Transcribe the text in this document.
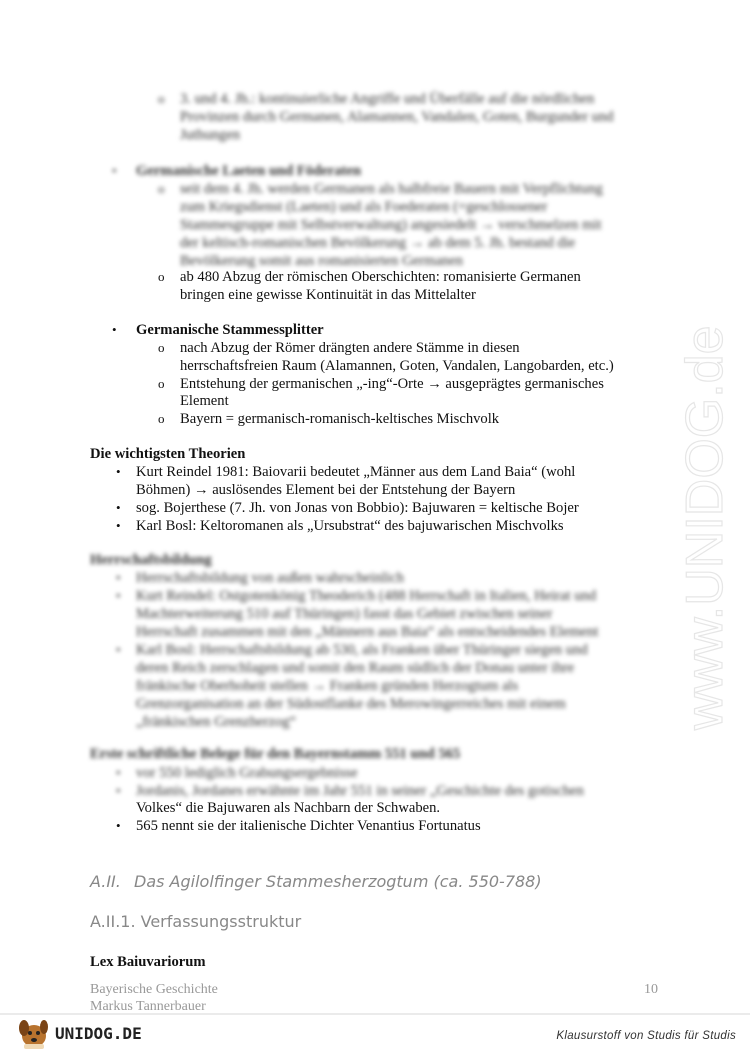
o 3. und 4. Jh.: kontinuierliche Angriffe und Überfälle auf die nördlichen
Provinzen durch Germanen, Alamannen, Vandalen, Goten, Burgunder und
Juthungen
• Germanische Laeten und Föderaten
o seit dem 4. Jh. werden Germanen als halbfreie Bauern mit Verpflichtung
zum Kriegsdienst (Laeten) und als Foederaten (=geschlossener
Stammesgruppe mit Selbstverwaltung) angesiedelt → verschmelzen mit
der keltisch-romanischen Bevölkerung → ab dem 5. Jh. bestand die
Bevölkerung somit aus romanisierten Germanen
o ab 480 Abzug der römischen Oberschichten: romanisierte Germanen
bringen eine gewisse Kontinuität in das Mittelalter
• Germanische Stammessplitter
o nach Abzug der Römer drängten andere Stämme in diesen
herrschaftsfreien Raum (Alamannen, Goten, Vandalen, Langobarden, etc.)
o Entstehung der germanischen „-ing“-Orte → ausgeprägtes germanisches
Element
o Bayern = germanisch-romanisch-keltisches Mischvolk
Die wichtigsten Theorien
• Kurt Reindel 1981: Baiovarii bedeutet „Männer aus dem Land Baia“ (wohl
Böhmen) → auslösendes Element bei der Entstehung der Bayern
• sog. Bojerthese (7. Jh. von Jonas von Bobbio): Bajuwaren = keltische Bojer
• Karl Bosl: Keltoromanen als „Ursubstrat“ des bajuwarischen Mischvolks
Herrschaftsbildung
• Herrschaftsbildung von außen wahrscheinlich
• Kurt Reindel: Ostgotenkönig Theoderich (488 Herrschaft in Italien, Heirat und
Machterweiterung 510 auf Thüringen) fasst das Gebiet zwischen seiner
Herrschaft zusammen mit den „Männern aus Baia“ als entscheidendes Element
• Karl Bosl: Herrschaftsbildung ab 530, als Franken über Thüringer siegen und
deren Reich zerschlagen und somit den Raum südlich der Donau unter ihre
fränkische Oberhoheit stellen → Franken gründen Herzogtum als
Grenzorganisation an der Südostflanke des Merowingerreiches mit einem
„fränkischen Grenzherzog“
Erste schriftliche Belege für den Bayernstamm 551 und 565
• vor 550 lediglich Grabungsergebnisse
• Jordanis, Jordanes erwähnte im Jahr 551 in seiner „Geschichte des gotischen
Volkes“ die Bajuwaren als Nachbarn der Schwaben.
• 565 nennt sie der italienische Dichter Venantius Fortunatus
A.II. Das Agilolfinger Stammesherzogtum (ca. 550-788)
A.II.1. Verfassungsstruktur
Lex Baiuvariorum
Bayerische Geschichte
Markus Tannerbauer
10
www.UNIDOG.de
UNIDOG.DE	Klausurstoff von Studis für Studis
